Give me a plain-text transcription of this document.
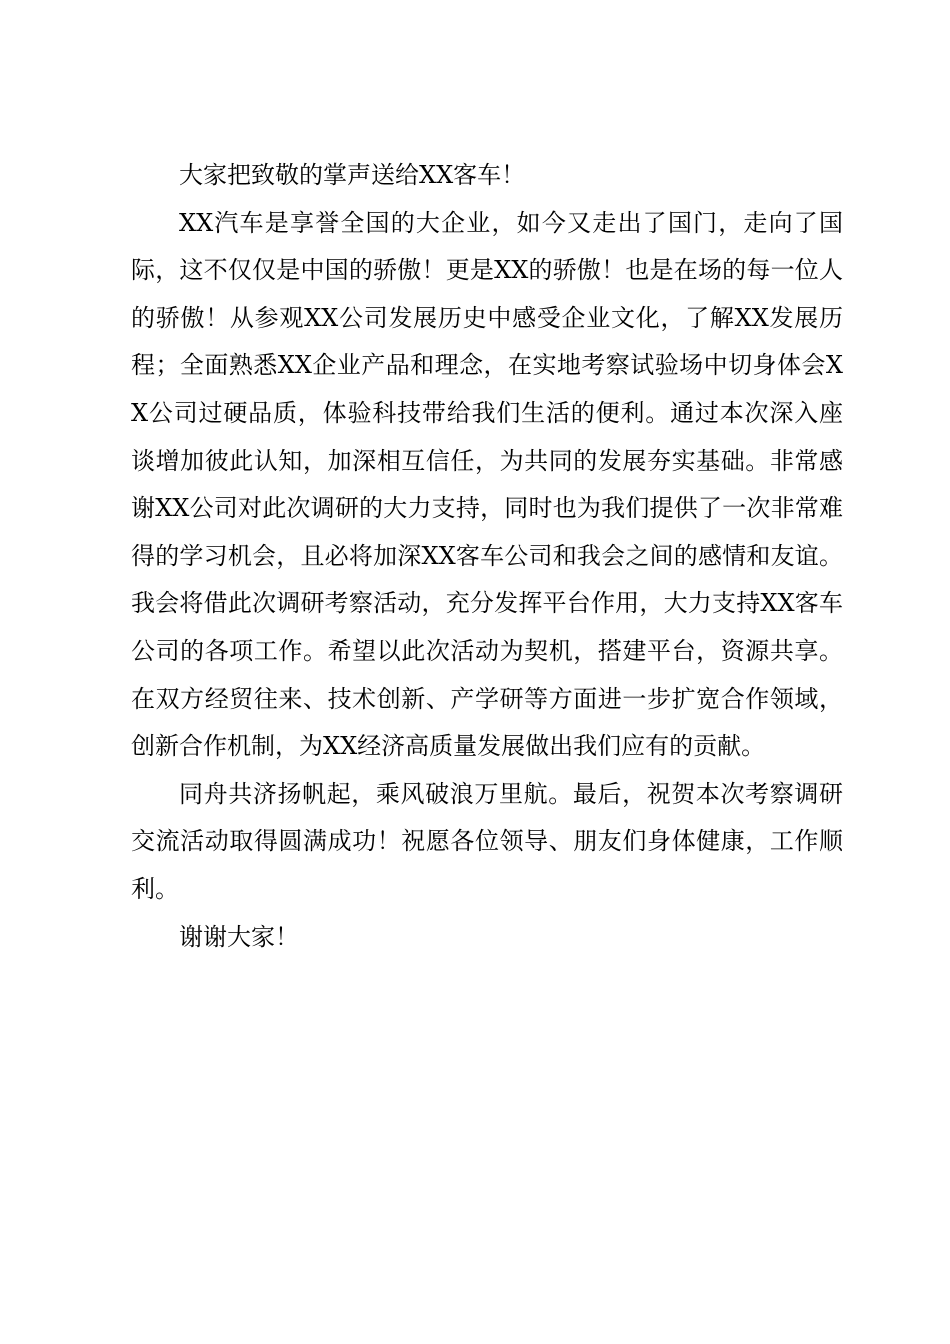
大家把致敬的掌声送给XX客车！

XX汽车是享誉全国的大企业，如今又走出了国门，走向了国际，这不仅仅是中国的骄傲！更是XX的骄傲！也是在场的每一位人的骄傲！从参观XX公司发展历史中感受企业文化，了解XX发展历程；全面熟悉XX企业产品和理念，在实地考察试验场中切身体会XX公司过硬品质，体验科技带给我们生活的便利。通过本次深入座谈增加彼此认知，加深相互信任，为共同的发展夯实基础。非常感谢XX公司对此次调研的大力支持，同时也为我们提供了一次非常难得的学习机会，且必将加深XX客车公司和我会之间的感情和友谊。我会将借此次调研考察活动，充分发挥平台作用，大力支持XX客车公司的各项工作。希望以此次活动为契机，搭建平台，资源共享。在双方经贸往来、技术创新、产学研等方面进一步扩宽合作领域，创新合作机制，为XX经济高质量发展做出我们应有的贡献。

同舟共济扬帆起，乘风破浪万里航。最后，祝贺本次考察调研交流活动取得圆满成功！祝愿各位领导、朋友们身体健康，工作顺利。

谢谢大家！
